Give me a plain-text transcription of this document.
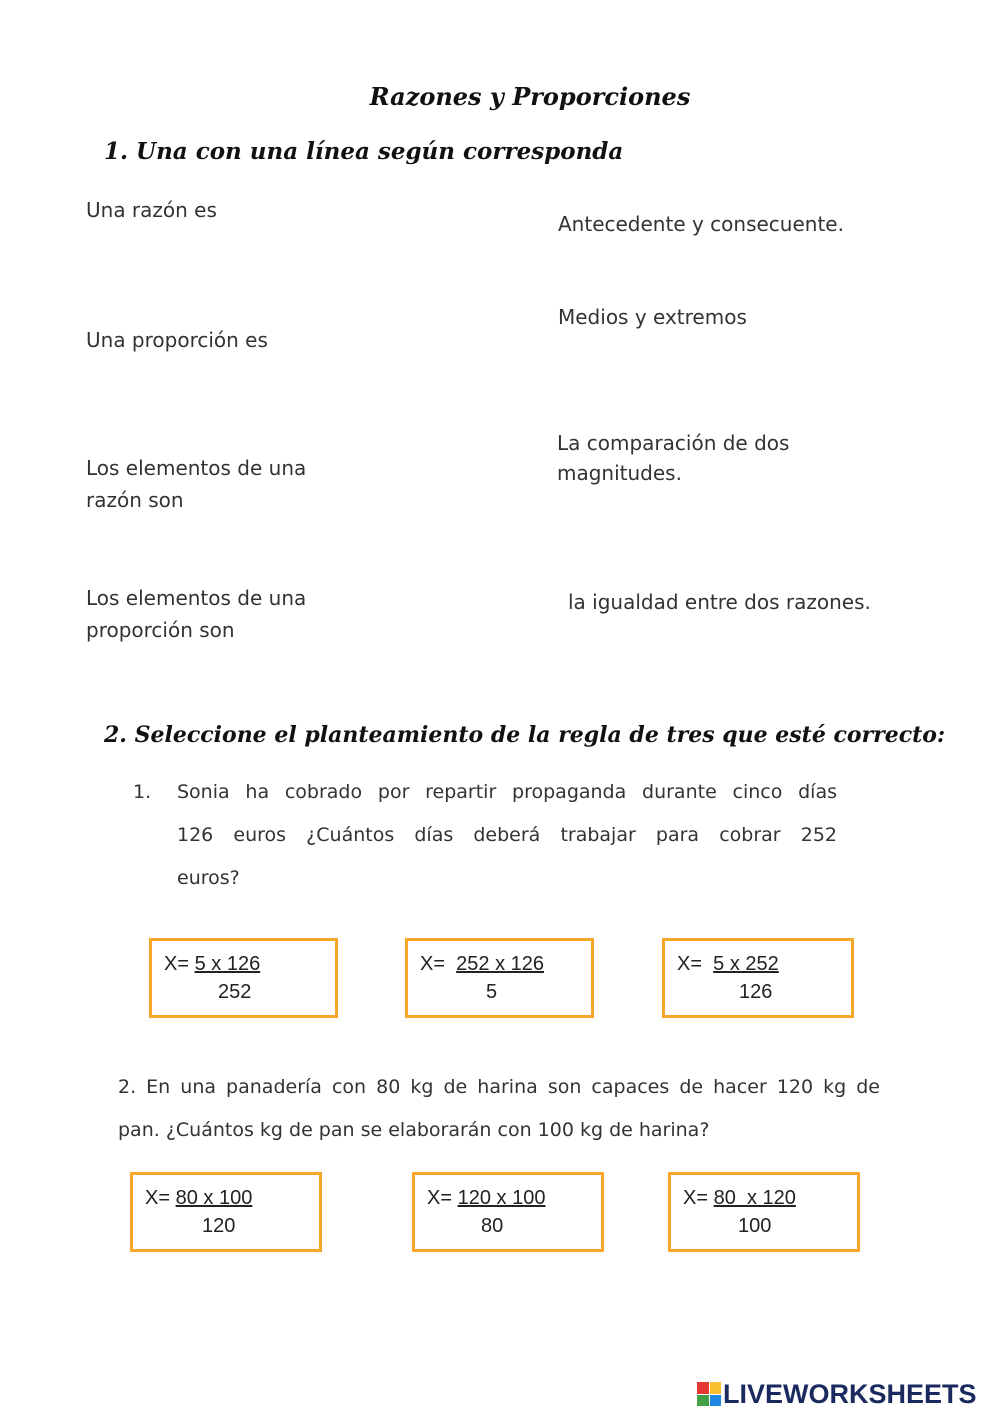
Razones y Proporciones
1. Una con una línea según corresponda
Una razón es
Una proporción es
Los elementos de una
razón son
Los elementos de una
proporción son
Antecedente y consecuente.
Medios y extremos
La comparación de dos
magnitudes.
la igualdad entre dos razones.
2. Seleccione el planteamiento de la regla de tres que esté correcto:
1. Sonia ha cobrado por repartir propaganda durante cinco días
126 euros ¿Cuántos días deberá trabajar para cobrar 252
euros?
X= 5 x 126
252
X= 252 x 126
5
X= 5 x 252
126
2. En una panadería con 80 kg de harina son capaces de hacer 120 kg de
pan. ¿Cuántos kg de pan se elaborarán con 100 kg de harina?
X= 80 x 100
120
X= 120 x 100
80
X= 80  x 120
100
LIVEWORKSHEETS
